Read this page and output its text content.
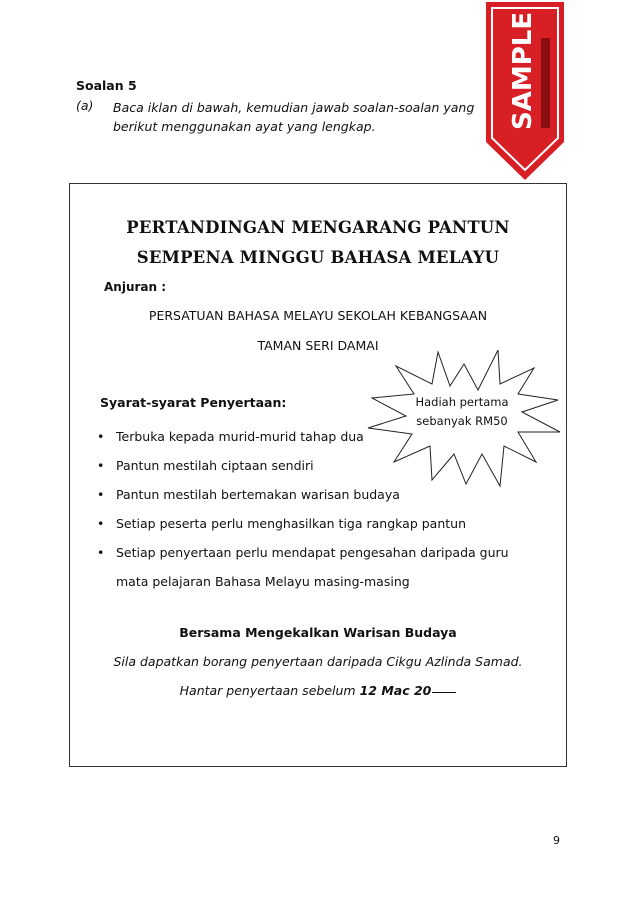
Soalan 5
(a) Baca iklan di bawah, kemudian jawab soalan-soalan yang berikut menggunakan ayat yang lengkap.	SAMPLE
PERTANDINGAN MENGARANG PANTUN
SEMPENA MINGGU BAHASA MELAYU
Anjuran :
PERSATUAN BAHASA MELAYU SEKOLAH KEBANGSAAN
TAMAN SERI DAMAI
Hadiah pertama
sebanyak RM50
Syarat-syarat Penyertaan:
• Terbuka kepada murid-murid tahap dua
• Pantun mestilah ciptaan sendiri
• Pantun mestilah bertemakan warisan budaya
• Setiap peserta perlu menghasilkan tiga rangkap pantun
• Setiap penyertaan perlu mendapat pengesahan daripada guru mata pelajaran Bahasa Melayu masing-masing
Bersama Mengekalkan Warisan Budaya
Sila dapatkan borang penyertaan daripada Cikgu Azlinda Samad.
Hantar penyertaan sebelum 12 Mac 20
9
